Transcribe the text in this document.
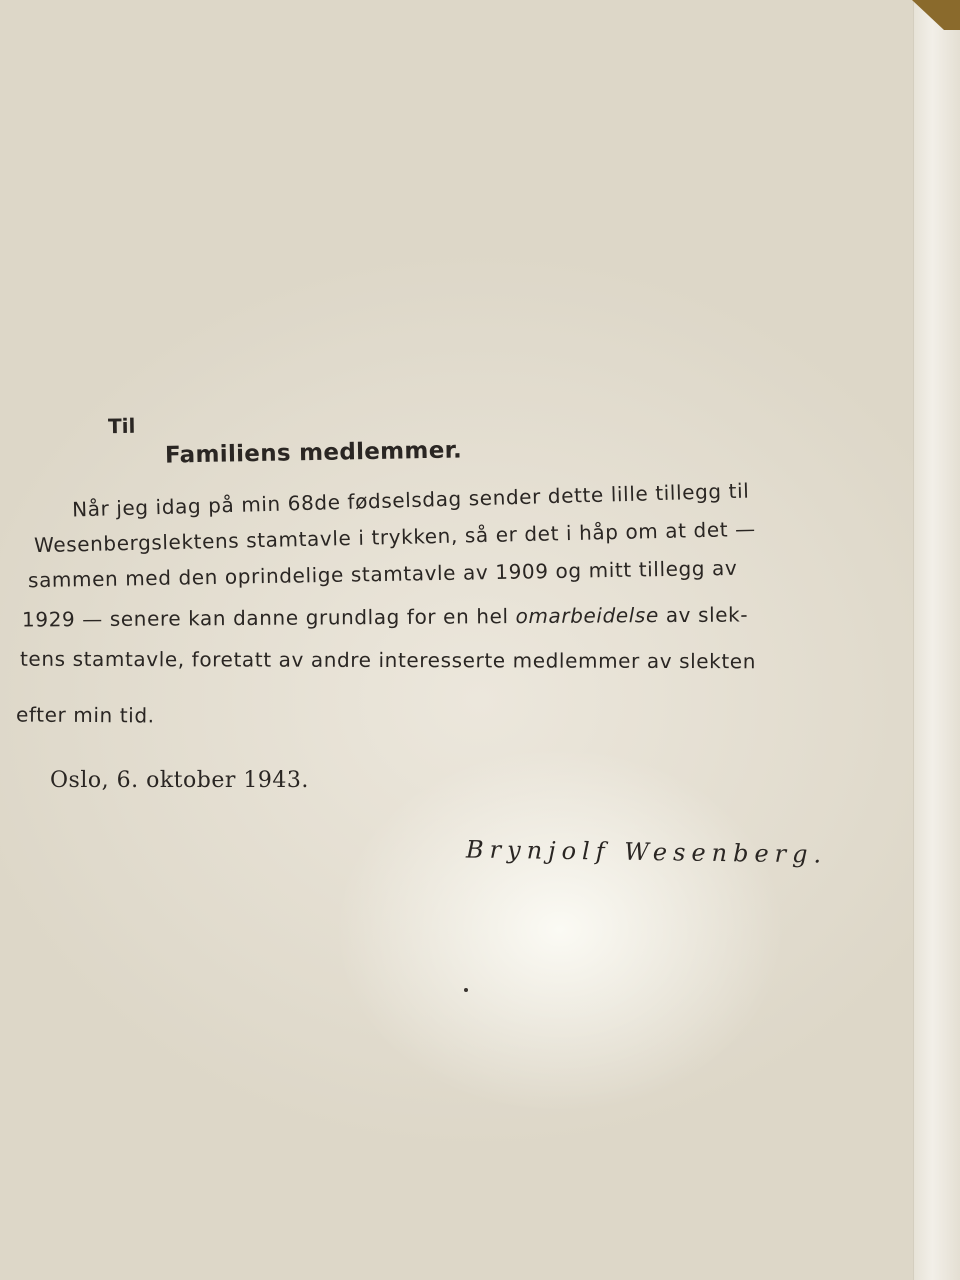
Til

Familiens medlemmer.

Når jeg idag på min 68de fødselsdag sender dette lille tillegg til

Wesenbergslektens stamtavle i trykken, så er det i håp om at det —

sammen med den oprindelige stamtavle av 1909 og mitt tillegg av

1929 — senere kan danne grundlag for en hel omarbeidelse av slek-

tens stamtavle, foretatt av andre interesserte medlemmer av slekten

efter min tid.

Oslo, 6. oktober 1943.

Brynjolf Wesenberg.
